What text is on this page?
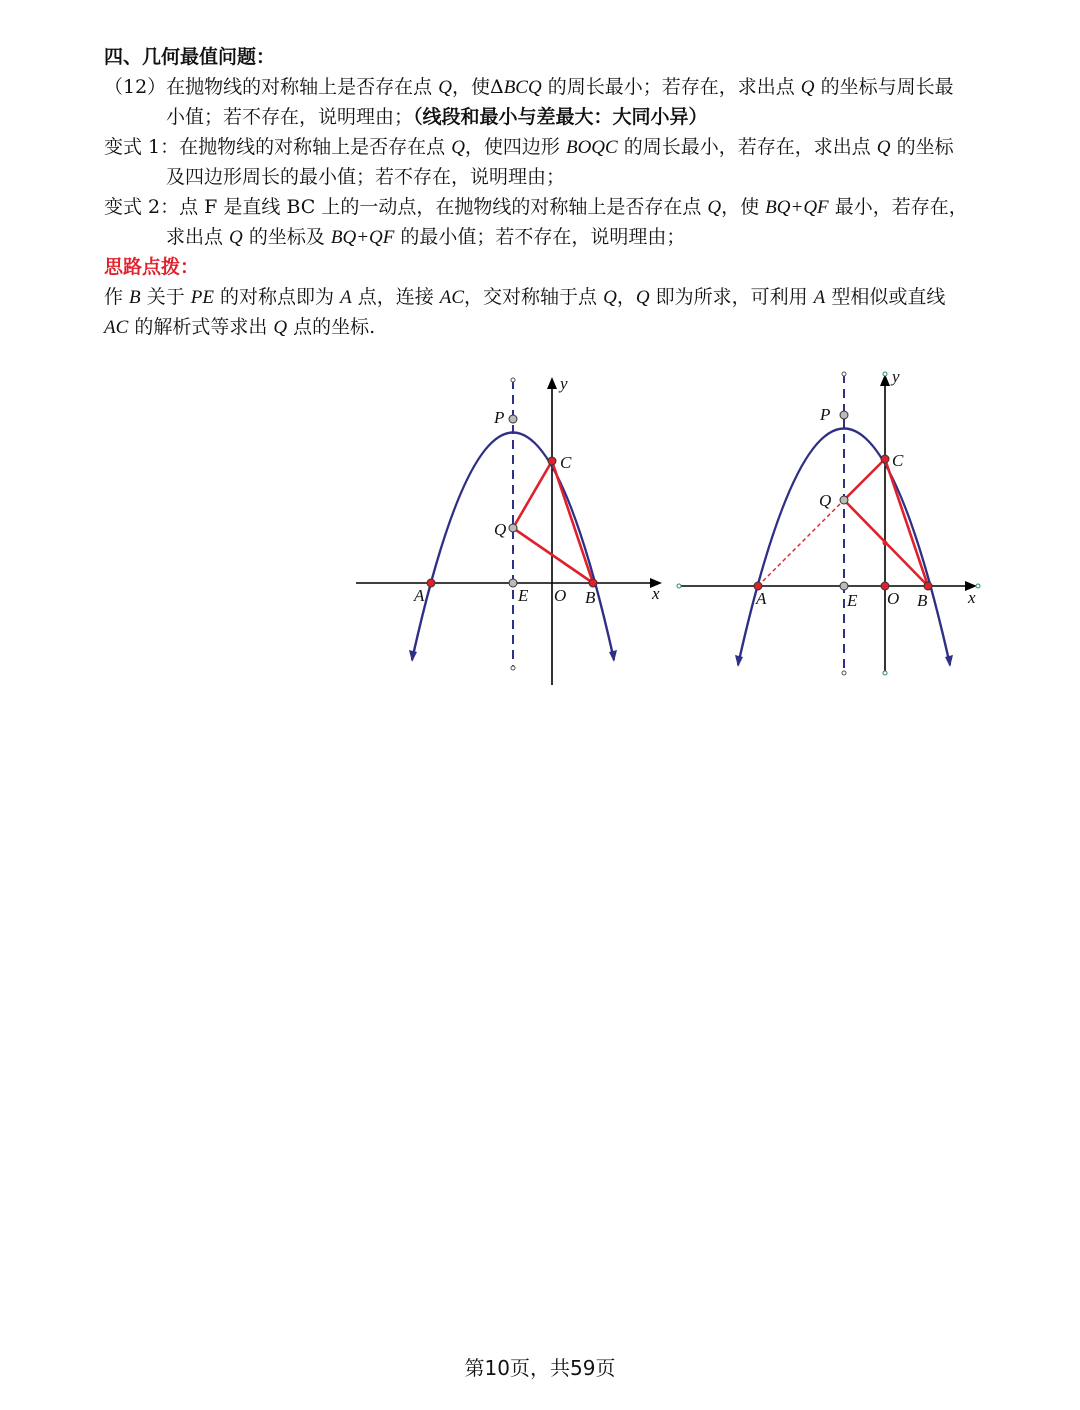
四、几何最值问题：
（12）在抛物线的对称轴上是否存在点 Q，使ΔBCQ 的周长最小；若存在，求出点 Q 的坐标与周长最
小值；若不存在，说明理由；（线段和最小与差最大：大同小异）
变式 1：在抛物线的对称轴上是否存在点 Q，使四边形 BOQC 的周长最小，若存在，求出点 Q 的坐标
及四边形周长的最小值；若不存在，说明理由；
变式 2：点 F 是直线 BC 上的一动点，在抛物线的对称轴上是否存在点 Q，使 BQ+QF 最小，若存在，
求出点 Q 的坐标及 BQ+QF 的最小值；若不存在，说明理由；
思路点拨：
作 B 关于 PE 的对称点即为 A 点，连接 AC，交对称轴于点 Q，Q 即为所求，可利用 A 型相似或直线
AC 的解析式等求出 Q 点的坐标.
P
C
Q
A	E O B	x
y
P
C
Q
A	E O B x
y
第10页，共59页
